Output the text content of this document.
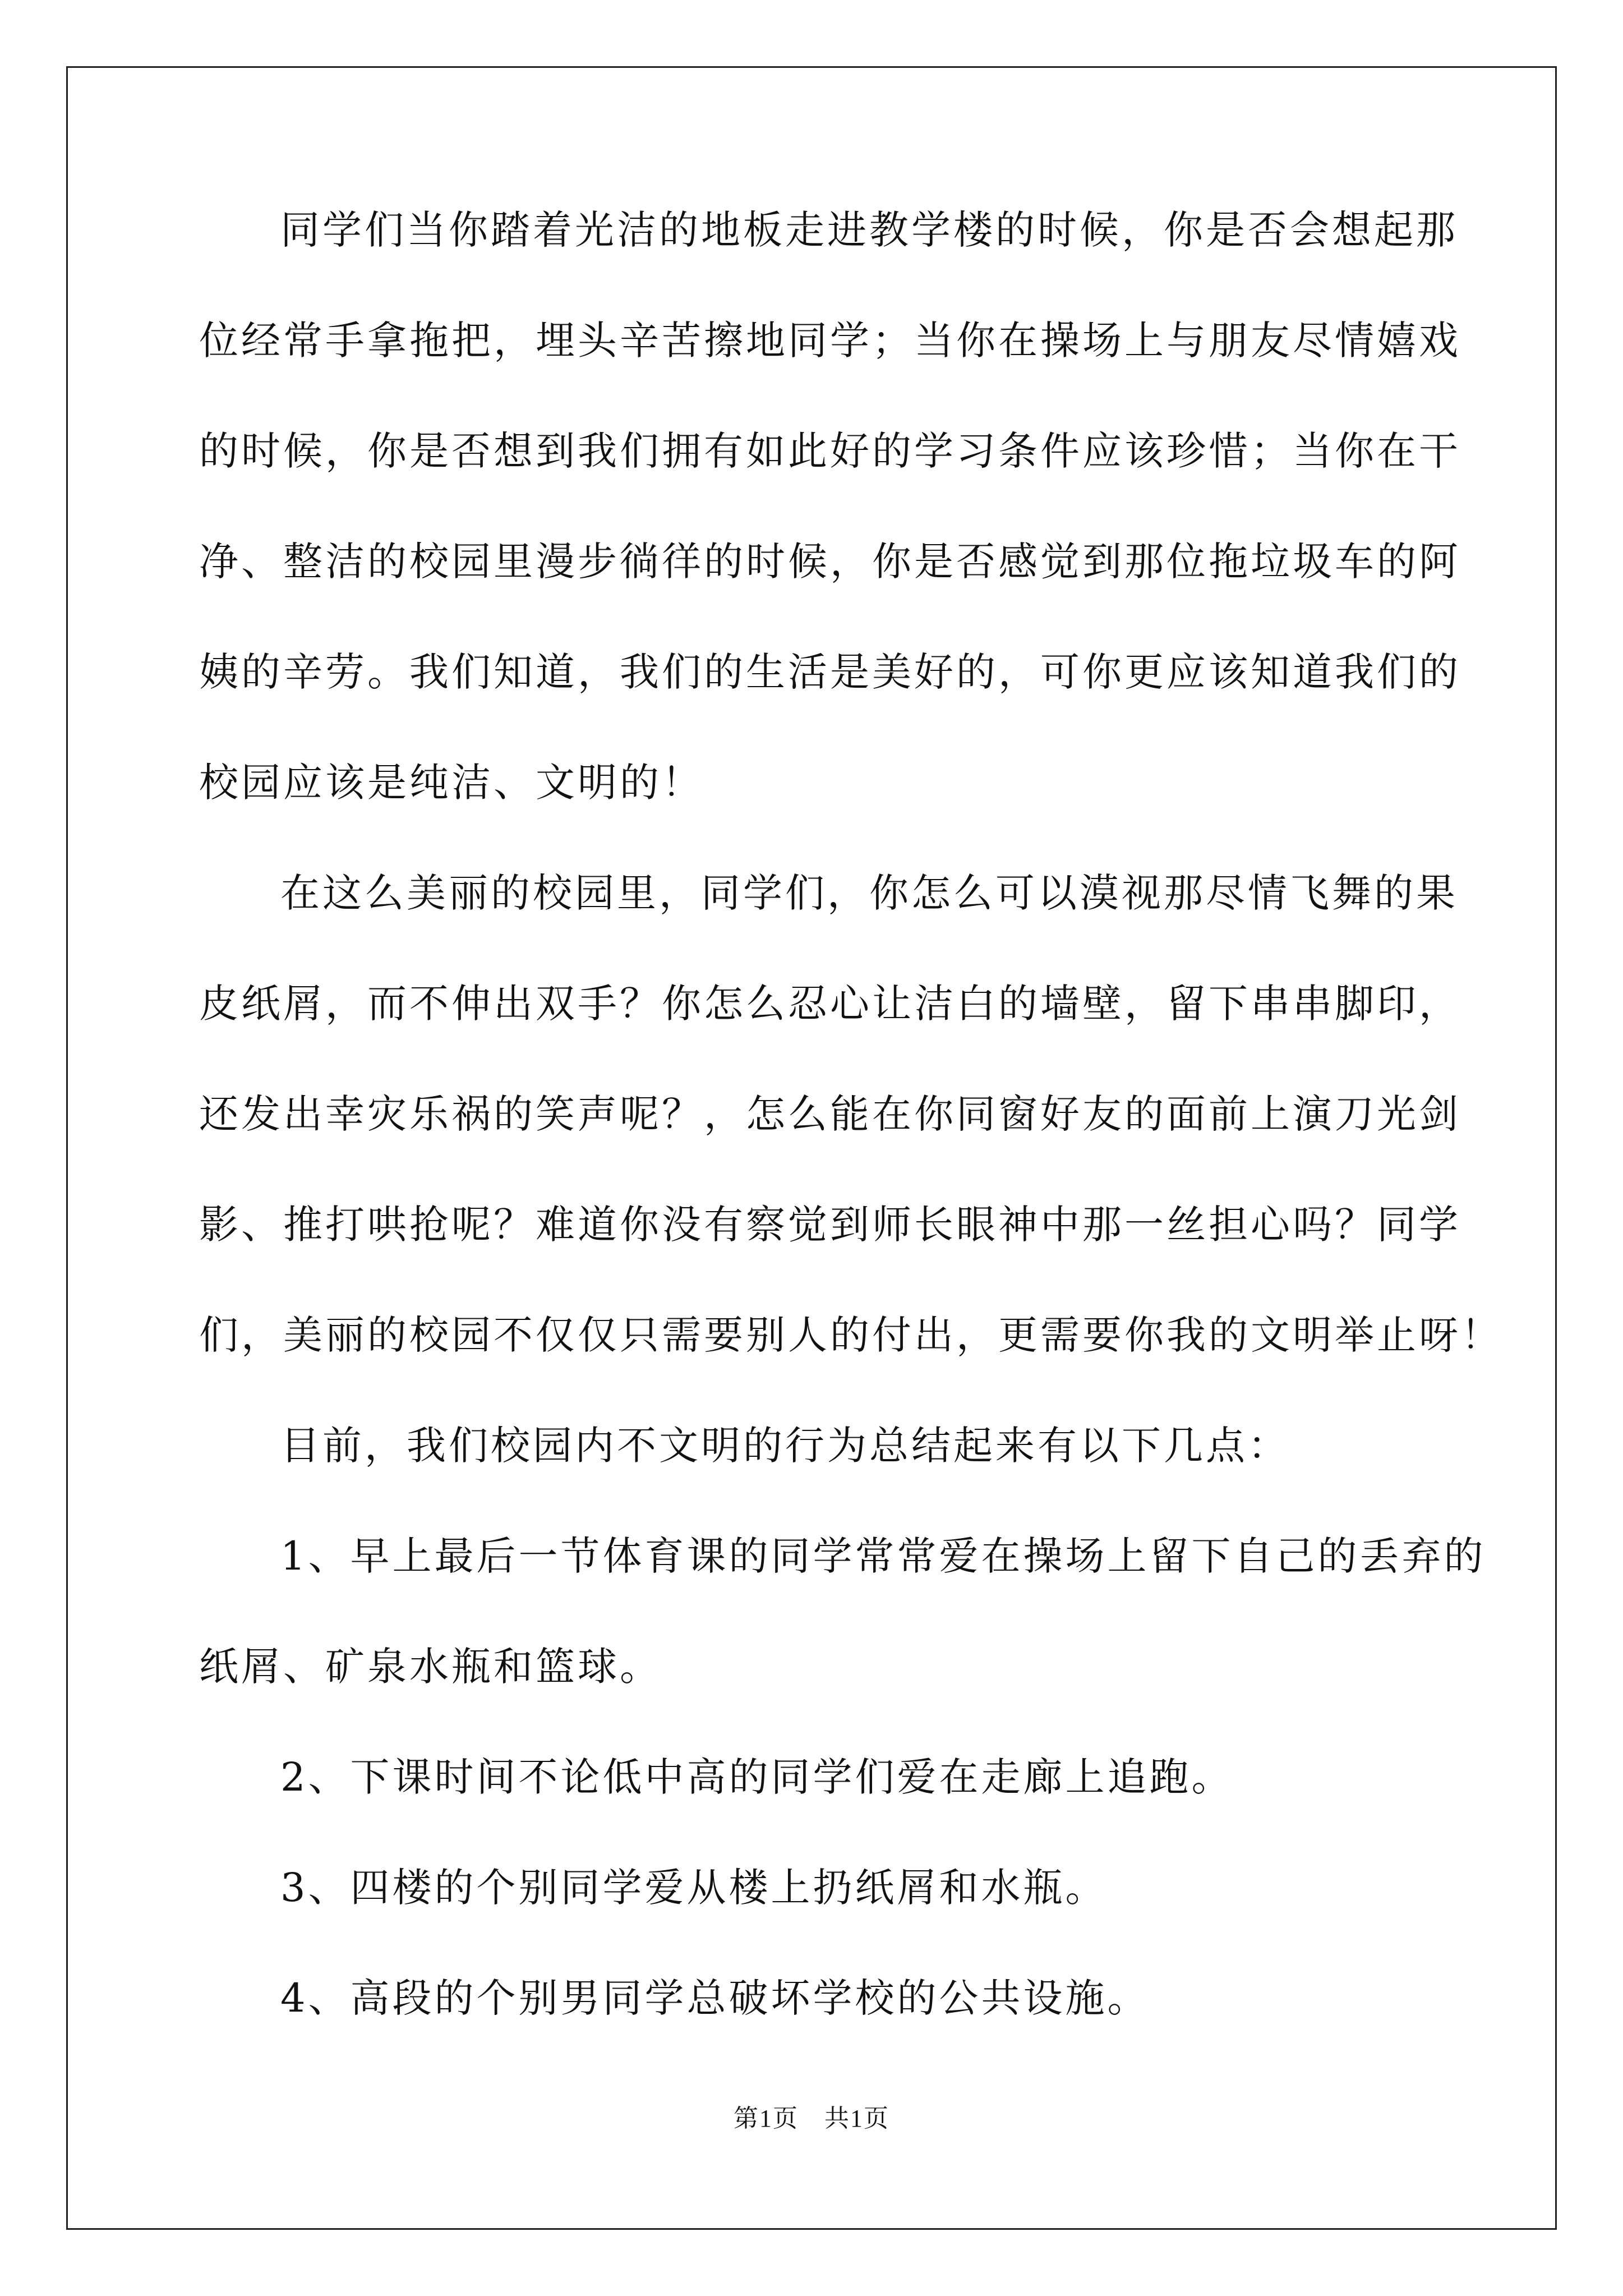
同学们当你踏着光洁的地板走进教学楼的时候，你是否会想起那
位经常手拿拖把，埋头辛苦擦地同学；当你在操场上与朋友尽情嬉戏
的时候，你是否想到我们拥有如此好的学习条件应该珍惜；当你在干
净、整洁的校园里漫步徜徉的时候，你是否感觉到那位拖垃圾车的阿
姨的辛劳。我们知道，我们的生活是美好的，可你更应该知道我们的
校园应该是纯洁、文明的！
在这么美丽的校园里，同学们，你怎么可以漠视那尽情飞舞的果
皮纸屑，而不伸出双手？你怎么忍心让洁白的墙壁，留下串串脚印，
还发出幸灾乐祸的笑声呢？，怎么能在你同窗好友的面前上演刀光剑
影、推打哄抢呢？难道你没有察觉到师长眼神中那一丝担心吗？同学
们，美丽的校园不仅仅只需要别人的付出，更需要你我的文明举止呀！
目前，我们校园内不文明的行为总结起来有以下几点：
1、早上最后一节体育课的同学常常爱在操场上留下自己的丢弃的
纸屑、矿泉水瓶和篮球。
2、下课时间不论低中高的同学们爱在走廊上追跑。
3、四楼的个别同学爱从楼上扔纸屑和水瓶。
4、高段的个别男同学总破坏学校的公共设施。
第1页　共1页
